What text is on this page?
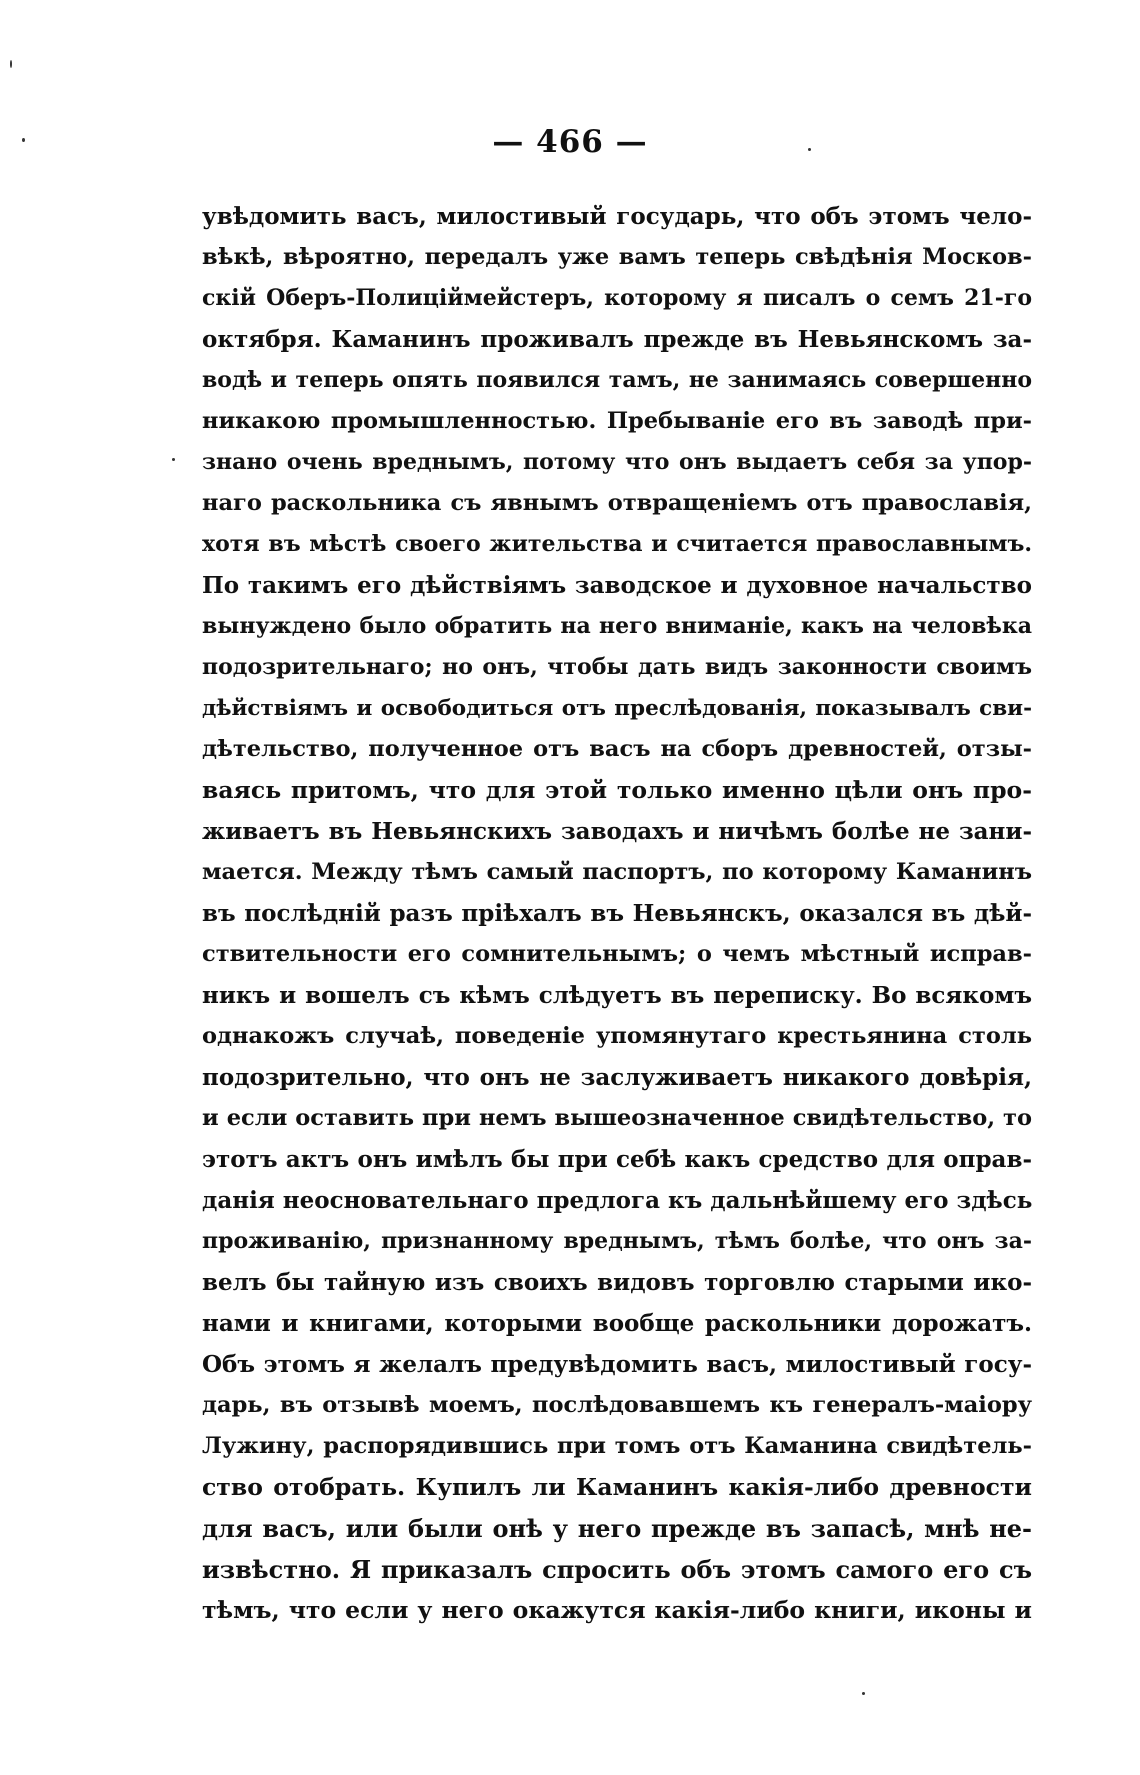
— 466 —
увѣдомить васъ, милостивый государь, что объ этомъ чело-
вѣкѣ, вѣроятно, передалъ уже вамъ теперь свѣдѣнія Москов-
скій Оберъ-Полиціймейстеръ, которому я писалъ о семъ 21-го
октября. Каманинъ проживалъ прежде въ Невьянскомъ за-
водѣ и теперь опять появился тамъ, не занимаясь совершенно
никакою промышленностью. Пребываніе его въ заводѣ при-
знано очень вреднымъ, потому что онъ выдаетъ себя за упор-
наго раскольника съ явнымъ отвращеніемъ отъ православія,
хотя въ мѣстѣ своего жительства и считается православнымъ.
По такимъ его дѣйствіямъ заводское и духовное начальство
вынуждено было обратить на него вниманіе, какъ на человѣка
подозрительнаго; но онъ, чтобы дать видъ законности своимъ
дѣйствіямъ и освободиться отъ преслѣдованія, показывалъ сви-
дѣтельство, полученное отъ васъ на сборъ древностей, отзы-
ваясь притомъ, что для этой только именно цѣли онъ про-
живаетъ въ Невьянскихъ заводахъ и ничѣмъ болѣе не зани-
мается. Между тѣмъ самый паспортъ, по которому Каманинъ
въ послѣдній разъ пріѣхалъ въ Невьянскъ, оказался въ дѣй-
ствительности его сомнительнымъ; о чемъ мѣстный исправ-
никъ и вошелъ съ кѣмъ слѣдуетъ въ переписку. Во всякомъ
однакожъ случаѣ, поведеніе упомянутаго крестьянина столь
подозрительно, что онъ не заслуживаетъ никакого довѣрія,
и если оставить при немъ вышеозначенное свидѣтельство, то
этотъ актъ онъ имѣлъ бы при себѣ какъ средство для оправ-
данія неосновательнаго предлога къ дальнѣйшему его здѣсь
проживанію, признанному вреднымъ, тѣмъ болѣе, что онъ за-
велъ бы тайную изъ своихъ видовъ торговлю старыми ико-
нами и книгами, которыми вообще раскольники дорожатъ.
Объ этомъ я желалъ предувѣдомить васъ, милостивый госу-
дарь, въ отзывѣ моемъ, послѣдовавшемъ къ генералъ-маіору
Лужину, распорядившись при томъ отъ Каманина свидѣтель-
ство отобрать. Купилъ ли Каманинъ какія-либо древности
для васъ, или были онѣ у него прежде въ запасѣ, мнѣ не-
извѣстно. Я приказалъ спросить объ этомъ самого его съ
тѣмъ, что если у него окажутся какія-либо книги, иконы и
